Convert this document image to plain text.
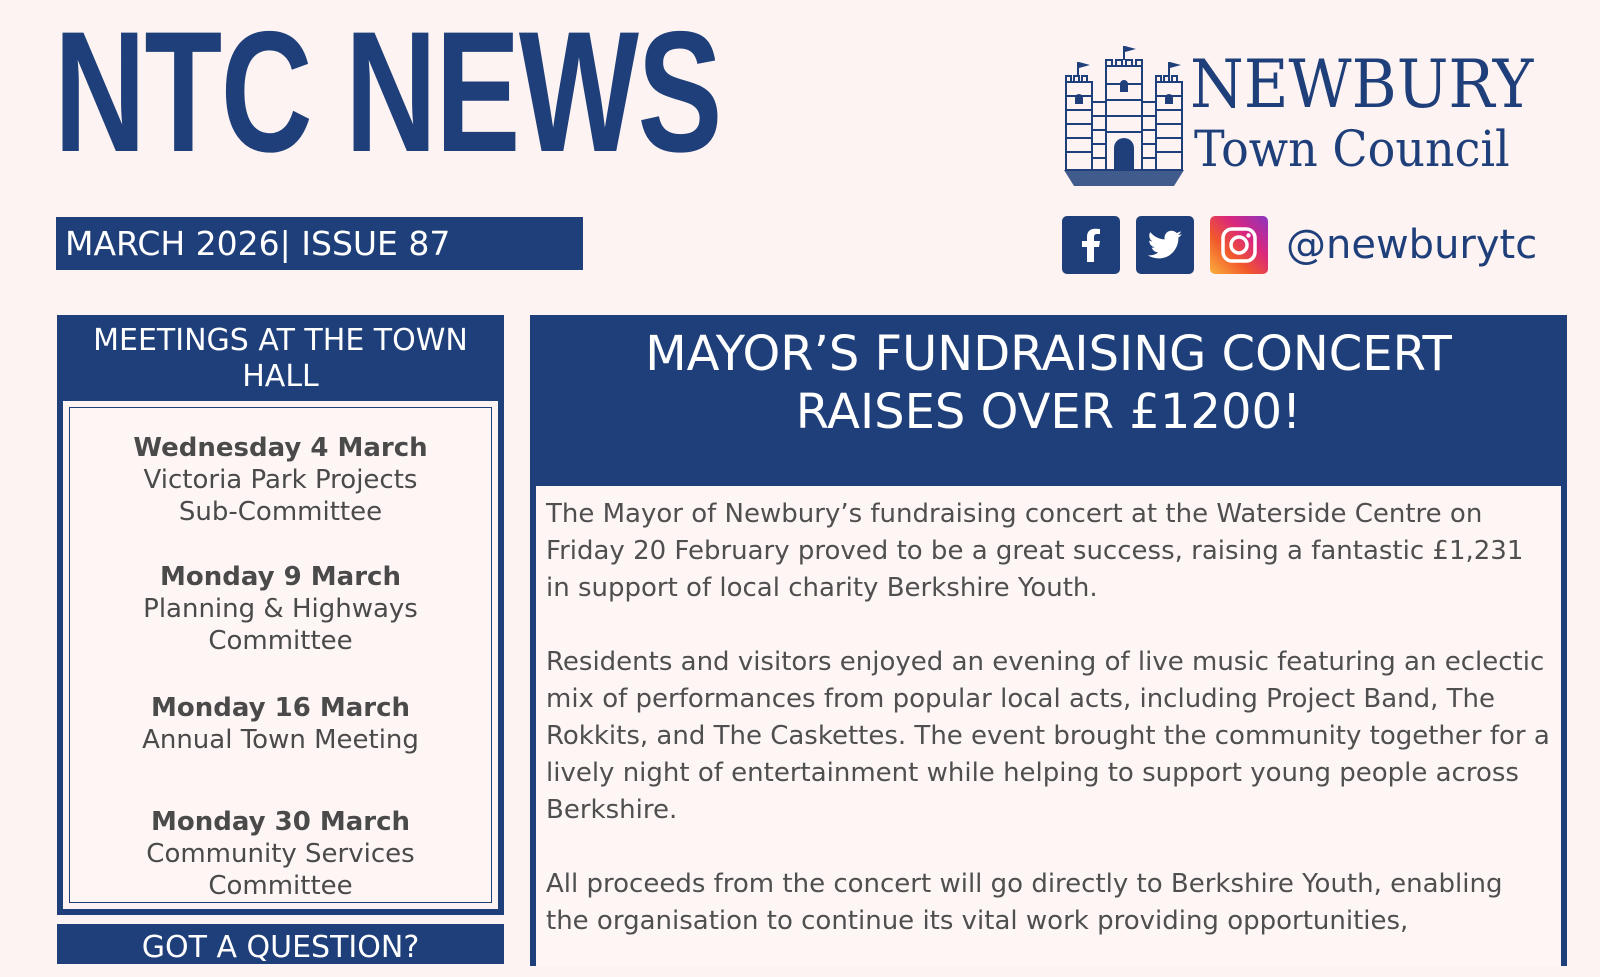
NTC NEWS
MARCH 2026| ISSUE 87
NEWBURY
Town Council
@newburytc
MEETINGS AT THE TOWN HALL
Wednesday 4 March
Victoria Park Projects Sub-Committee
Monday 9 March
Planning & Highways Committee
Monday 16 March
Annual Town Meeting
Monday 30 March
Community Services Committee
GOT A QUESTION?
MAYOR’S FUNDRAISING CONCERT RAISES OVER £1200!

The Mayor of Newbury’s fundraising concert at the Waterside Centre on Friday 20 February proved to be a great success, raising a fantastic £1,231 in support of local charity Berkshire Youth.

Residents and visitors enjoyed an evening of live music featuring an eclectic mix of performances from popular local acts, including Project Band, The Rokkits, and The Caskettes. The event brought the community together for a lively night of entertainment while helping to support young people across Berkshire.

All proceeds from the concert will go directly to Berkshire Youth, enabling the organisation to continue its vital work providing opportunities,
